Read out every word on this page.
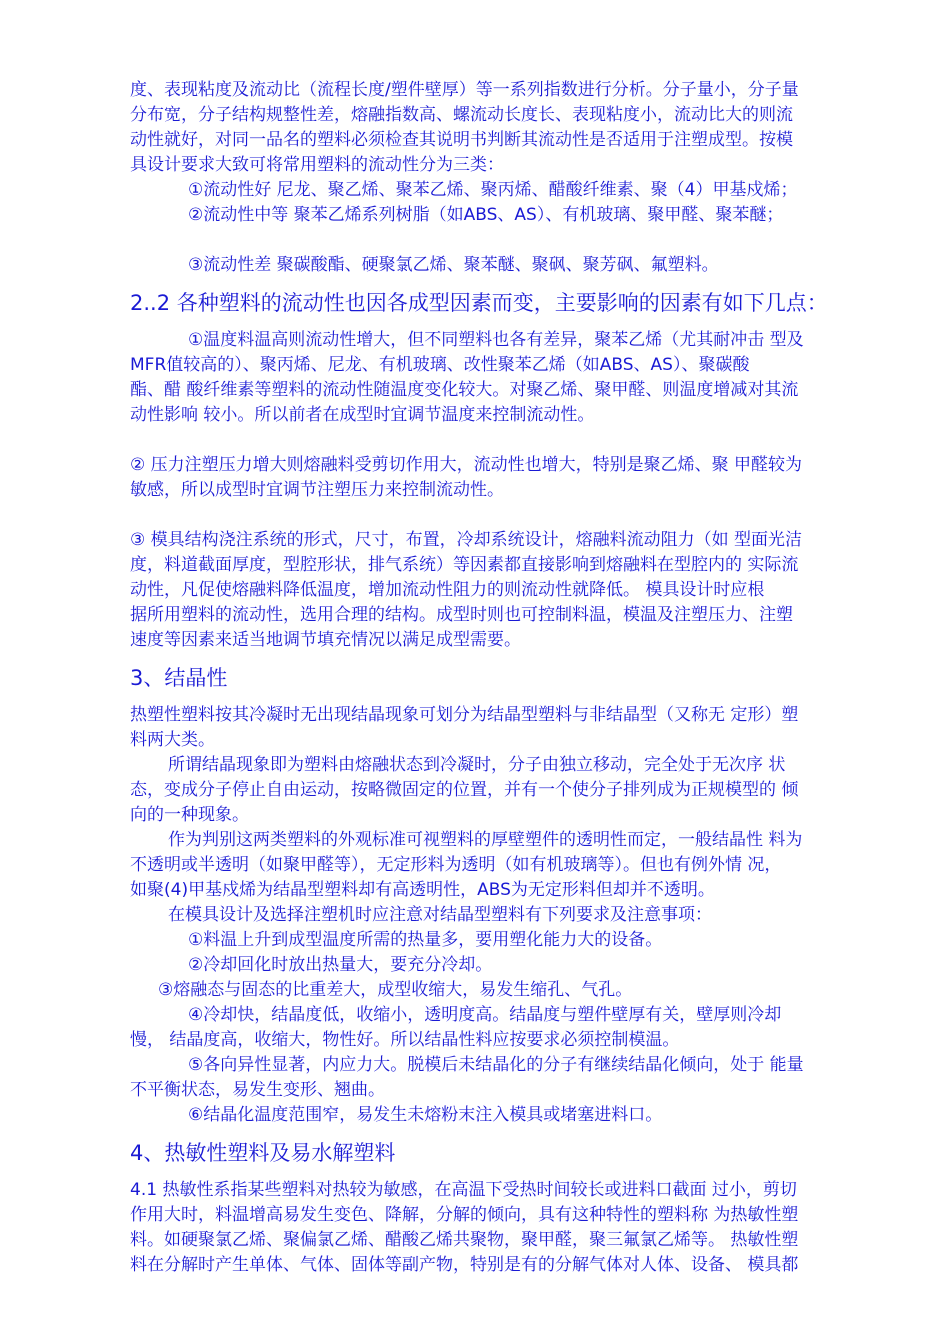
度、表现粘度及流动比（流程长度/塑件壁厚）等一系列指数进行分析。分子量小，分子量
分布宽，分子结构规整性差，熔融指数高、螺流动长度长、表现粘度小，流动比大的则流
动性就好，对同一品名的塑料必须检查其说明书判断其流动性是否适用于注塑成型。按模
具设计要求大致可将常用塑料的流动性分为三类：
①流动性好 尼龙、聚乙烯、聚苯乙烯、聚丙烯、醋酸纤维素、聚（4）甲基戍烯；
②流动性中等 聚苯乙烯系列树脂（如ABS、AS）、有机玻璃、聚甲醛、聚苯醚；
③流动性差 聚碳酸酯、硬聚氯乙烯、聚苯醚、聚砜、聚芳砜、氟塑料。
2..2 各种塑料的流动性也因各成型因素而变，主要影响的因素有如下几点：
①温度料温高则流动性增大，但不同塑料也各有差异，聚苯乙烯（尤其耐冲击 型及
MFR值较高的）、聚丙烯、尼龙、有机玻璃、改性聚苯乙烯（如ABS、AS）、聚碳酸
酯、醋 酸纤维素等塑料的流动性随温度变化较大。对聚乙烯、聚甲醛、则温度增减对其流
动性影响 较小。所以前者在成型时宜调节温度来控制流动性。
② 压力注塑压力增大则熔融料受剪切作用大，流动性也增大，特别是聚乙烯、聚 甲醛较为
敏感，所以成型时宜调节注塑压力来控制流动性。
③ 模具结构浇注系统的形式，尺寸，布置，冷却系统设计，熔融料流动阻力（如 型面光洁
度，料道截面厚度，型腔形状，排气系统）等因素都直接影响到熔融料在型腔内的 实际流
动性，凡促使熔融料降低温度，增加流动性阻力的则流动性就降低。 模具设计时应根
据所用塑料的流动性，选用合理的结构。成型时则也可控制料温，模温及注塑压力、注塑
速度等因素来适当地调节填充情况以满足成型需要。
3、结晶性
热塑性塑料按其冷凝时无出现结晶现象可划分为结晶型塑料与非结晶型（又称无 定形）塑
料两大类。
所谓结晶现象即为塑料由熔融状态到冷凝时，分子由独立移动，完全处于无次序 状
态，变成分子停止自由运动，按略微固定的位置，并有一个使分子排列成为正规模型的 倾
向的一种现象。
作为判别这两类塑料的外观标准可视塑料的厚壁塑件的透明性而定，一般结晶性 料为
不透明或半透明（如聚甲醛等），无定形料为透明（如有机玻璃等）。但也有例外情 况，
如聚(4)甲基戍烯为结晶型塑料却有高透明性，ABS为无定形料但却并不透明。
在模具设计及选择注塑机时应注意对结晶型塑料有下列要求及注意事项：
①料温上升到成型温度所需的热量多，要用塑化能力大的设备。
②冷却回化时放出热量大，要充分冷却。
③熔融态与固态的比重差大，成型收缩大，易发生缩孔、气孔。
④冷却快，结晶度低，收缩小，透明度高。结晶度与塑件壁厚有关，壁厚则冷却
慢， 结晶度高，收缩大，物性好。所以结晶性料应按要求必须控制模温。
⑤各向异性显著，内应力大。脱模后未结晶化的分子有继续结晶化倾向，处于 能量
不平衡状态，易发生变形、翘曲。
⑥结晶化温度范围窄，易发生未熔粉末注入模具或堵塞进料口。
4、热敏性塑料及易水解塑料
4.1 热敏性系指某些塑料对热较为敏感，在高温下受热时间较长或进料口截面 过小，剪切
作用大时，料温增高易发生变色、降解，分解的倾向，具有这种特性的塑料称 为热敏性塑
料。如硬聚氯乙烯、聚偏氯乙烯、醋酸乙烯共聚物，聚甲醛，聚三氟氯乙烯等。 热敏性塑
料在分解时产生单体、气体、固体等副产物，特别是有的分解气体对人体、设备、 模具都
